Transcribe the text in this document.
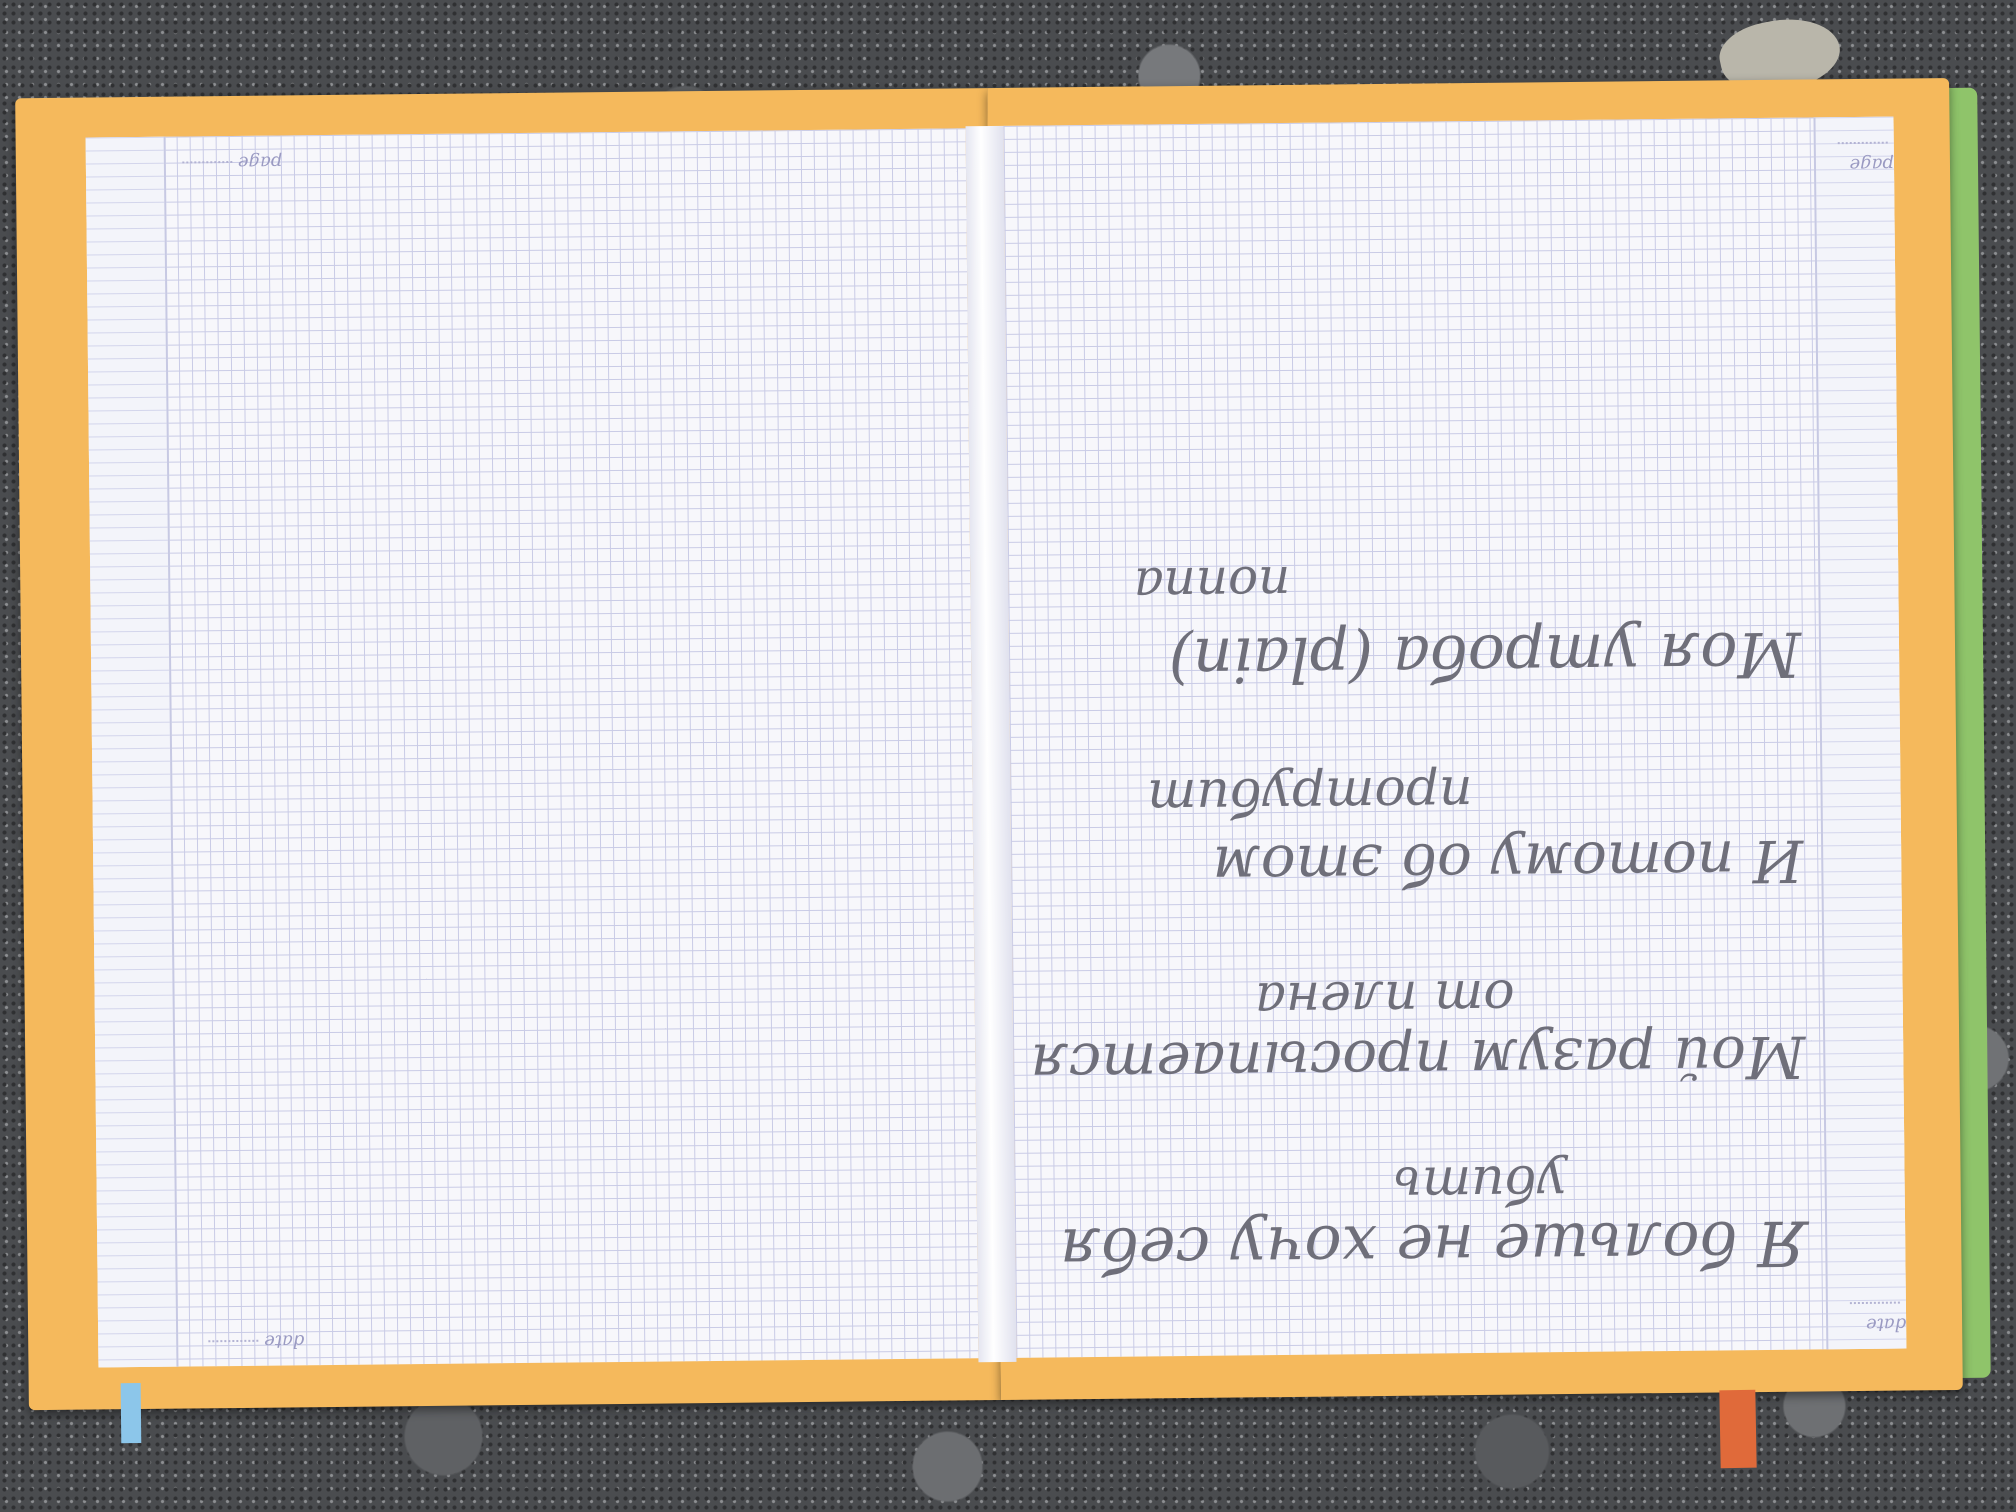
page
date
page
date
Я больше не хочу себя
убить
Мой разум просыпается
от плена
И потому об этом
протрубит
Моя утроба (plain)
nonna
